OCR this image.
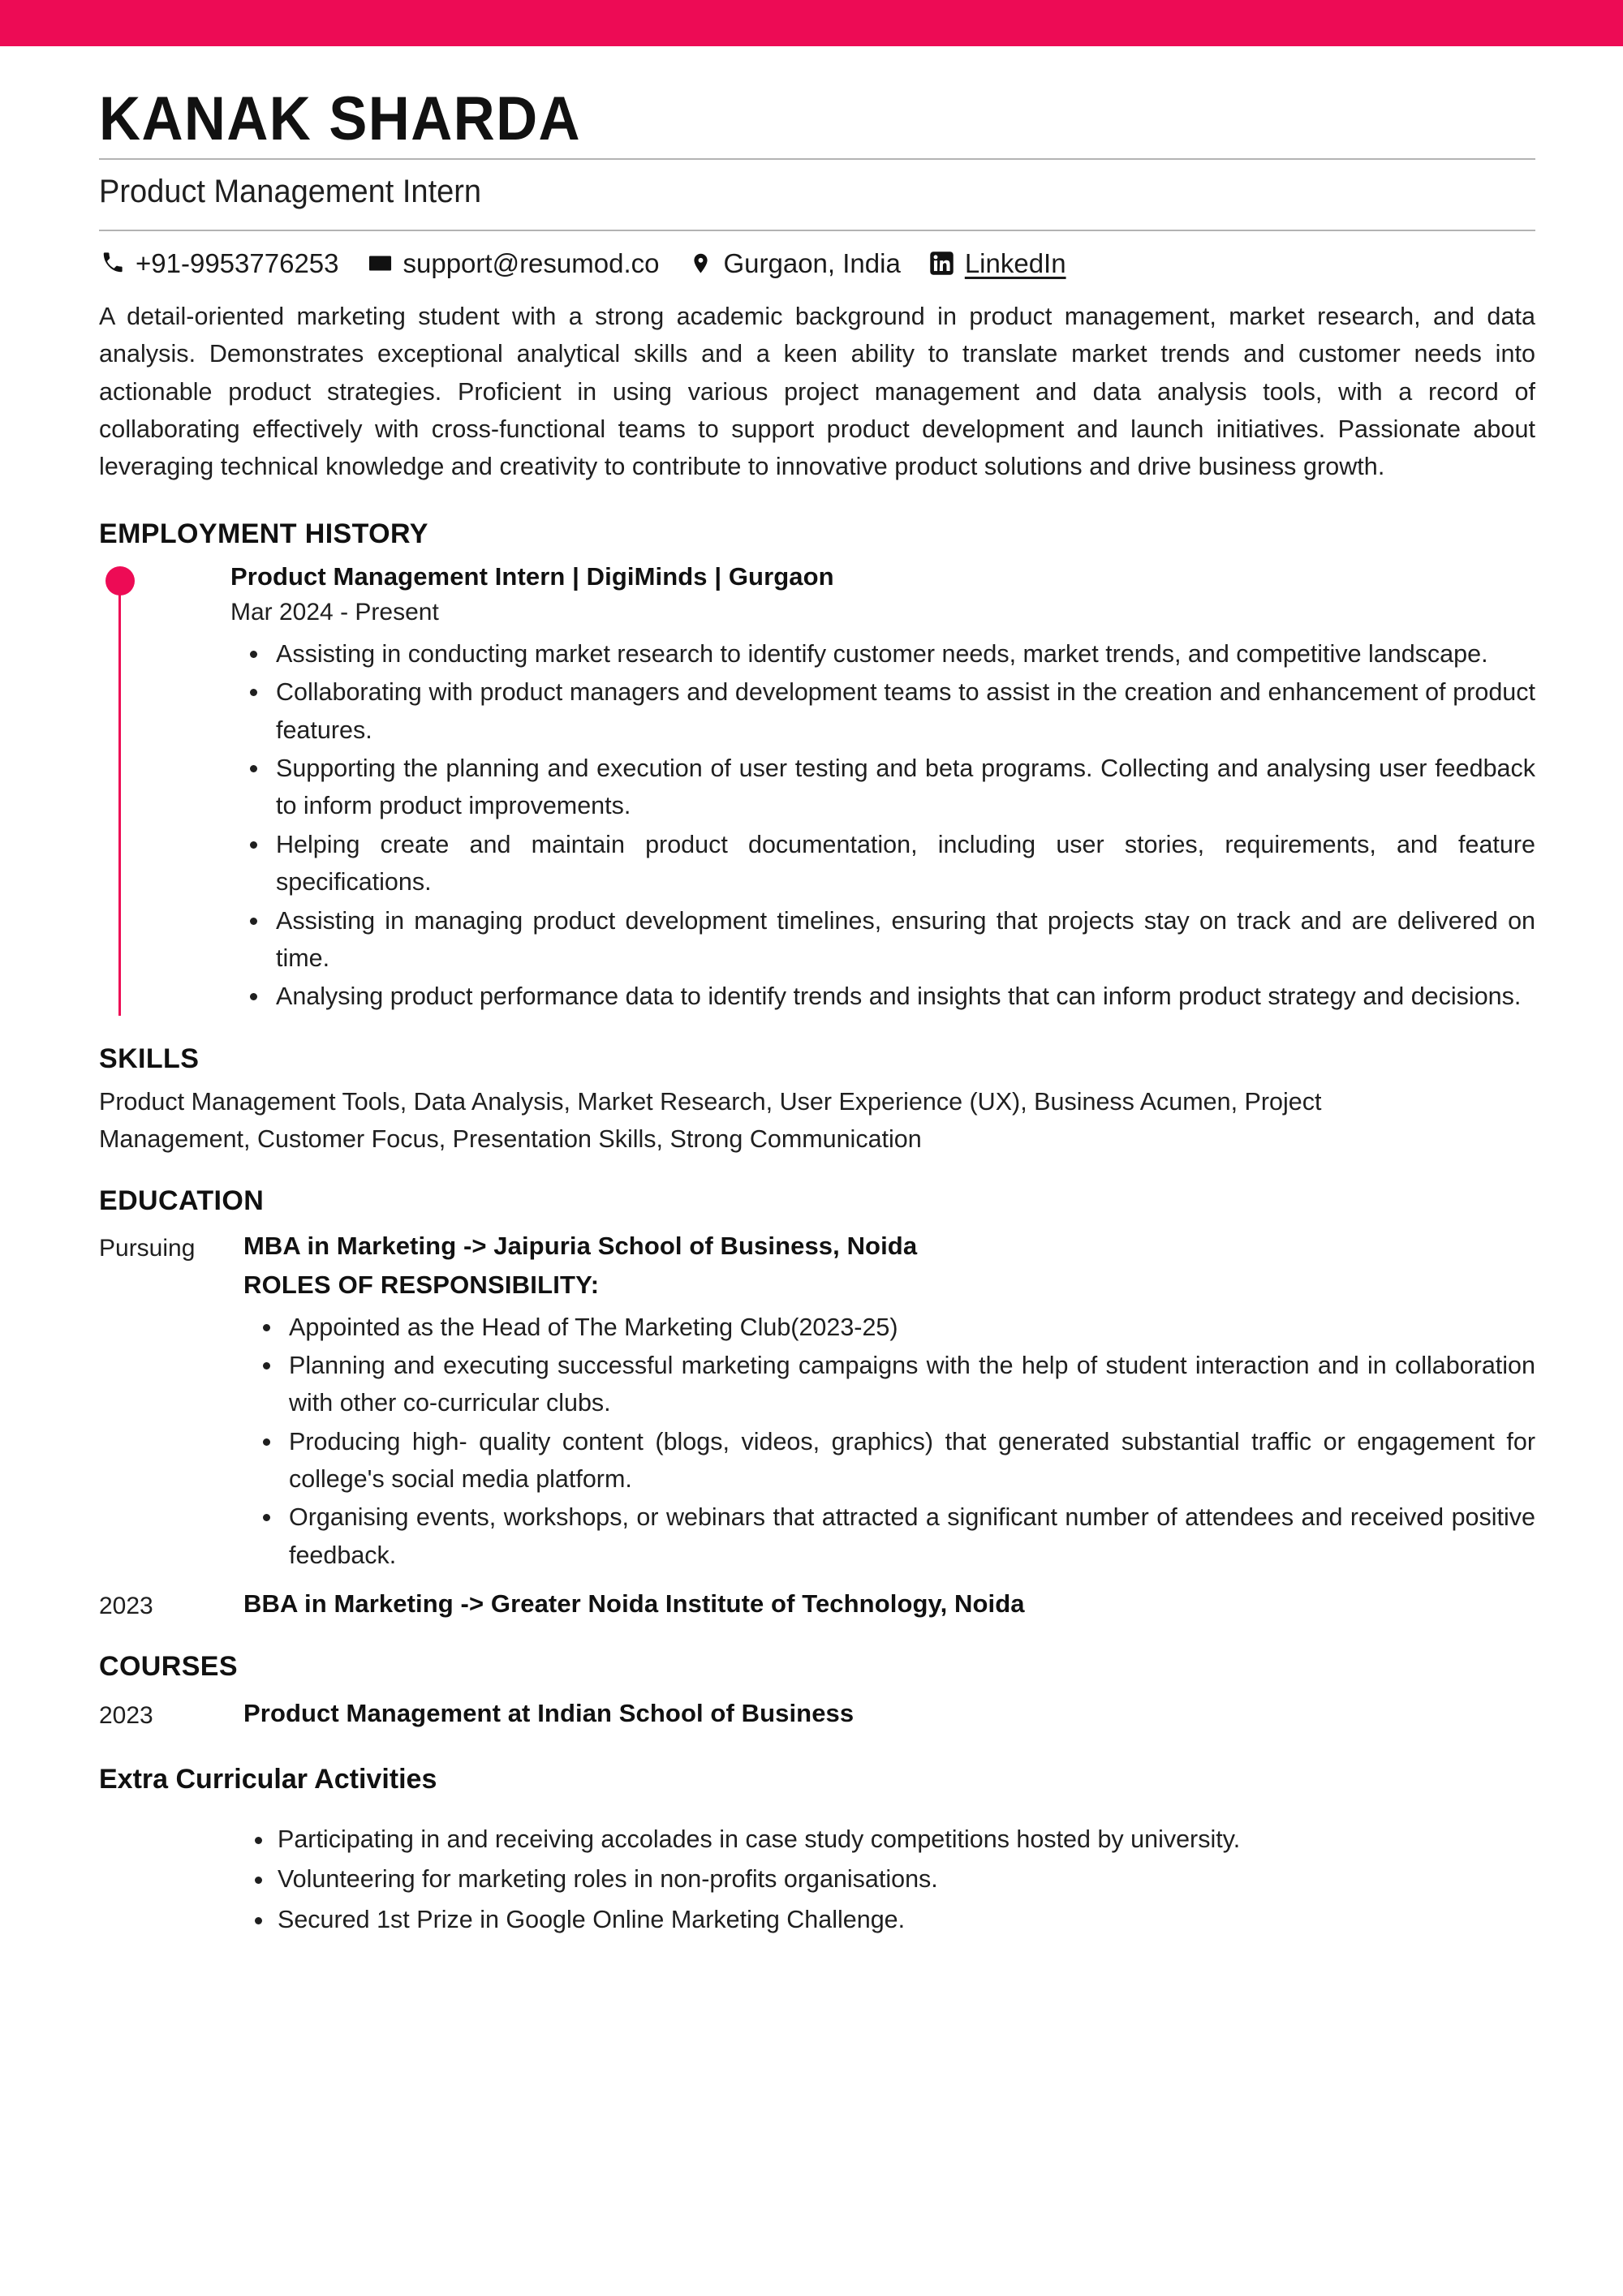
KANAK SHARDA
Product Management Intern
+91-9953776253 support@resumod.co Gurgaon, India LinkedIn
A detail-oriented marketing student with a strong academic background in product management, market research, and data analysis. Demonstrates exceptional analytical skills and a keen ability to translate market trends and customer needs into actionable product strategies. Proficient in using various project management and data analysis tools, with a record of collaborating effectively with cross-functional teams to support product development and launch initiatives. Passionate about leveraging technical knowledge and creativity to contribute to innovative product solutions and drive business growth.
EMPLOYMENT HISTORY
Product Management Intern | DigiMinds | Gurgaon
Mar 2024 - Present
Assisting in conducting market research to identify customer needs, market trends, and competitive landscape.
Collaborating with product managers and development teams to assist in the creation and enhancement of product features.
Supporting the planning and execution of user testing and beta programs. Collecting and analysing user feedback to inform product improvements.
Helping create and maintain product documentation, including user stories, requirements, and feature specifications.
Assisting in managing product development timelines, ensuring that projects stay on track and are delivered on time.
Analysing product performance data to identify trends and insights that can inform product strategy and decisions.
SKILLS
Product Management Tools, Data Analysis, Market Research, User Experience (UX), Business Acumen, Project Management, Customer Focus, Presentation Skills, Strong Communication
EDUCATION
Pursuing	MBA in Marketing -> Jaipuria School of Business, Noida
ROLES OF RESPONSIBILITY:
Appointed as the Head of The Marketing Club(2023-25)
Planning and executing successful marketing campaigns with the help of student interaction and in collaboration with other co-curricular clubs.
Producing high- quality content (blogs, videos, graphics) that generated substantial traffic or engagement for college's social media platform.
Organising events, workshops, or webinars that attracted a significant number of attendees and received positive feedback.
2023	BBA in Marketing -> Greater Noida Institute of Technology, Noida
COURSES
2023	Product Management at Indian School of Business
Extra Curricular Activities
Participating in and receiving accolades in case study competitions hosted by university.
Volunteering for marketing roles in non-profits organisations.
Secured 1st Prize in Google Online Marketing Challenge.
